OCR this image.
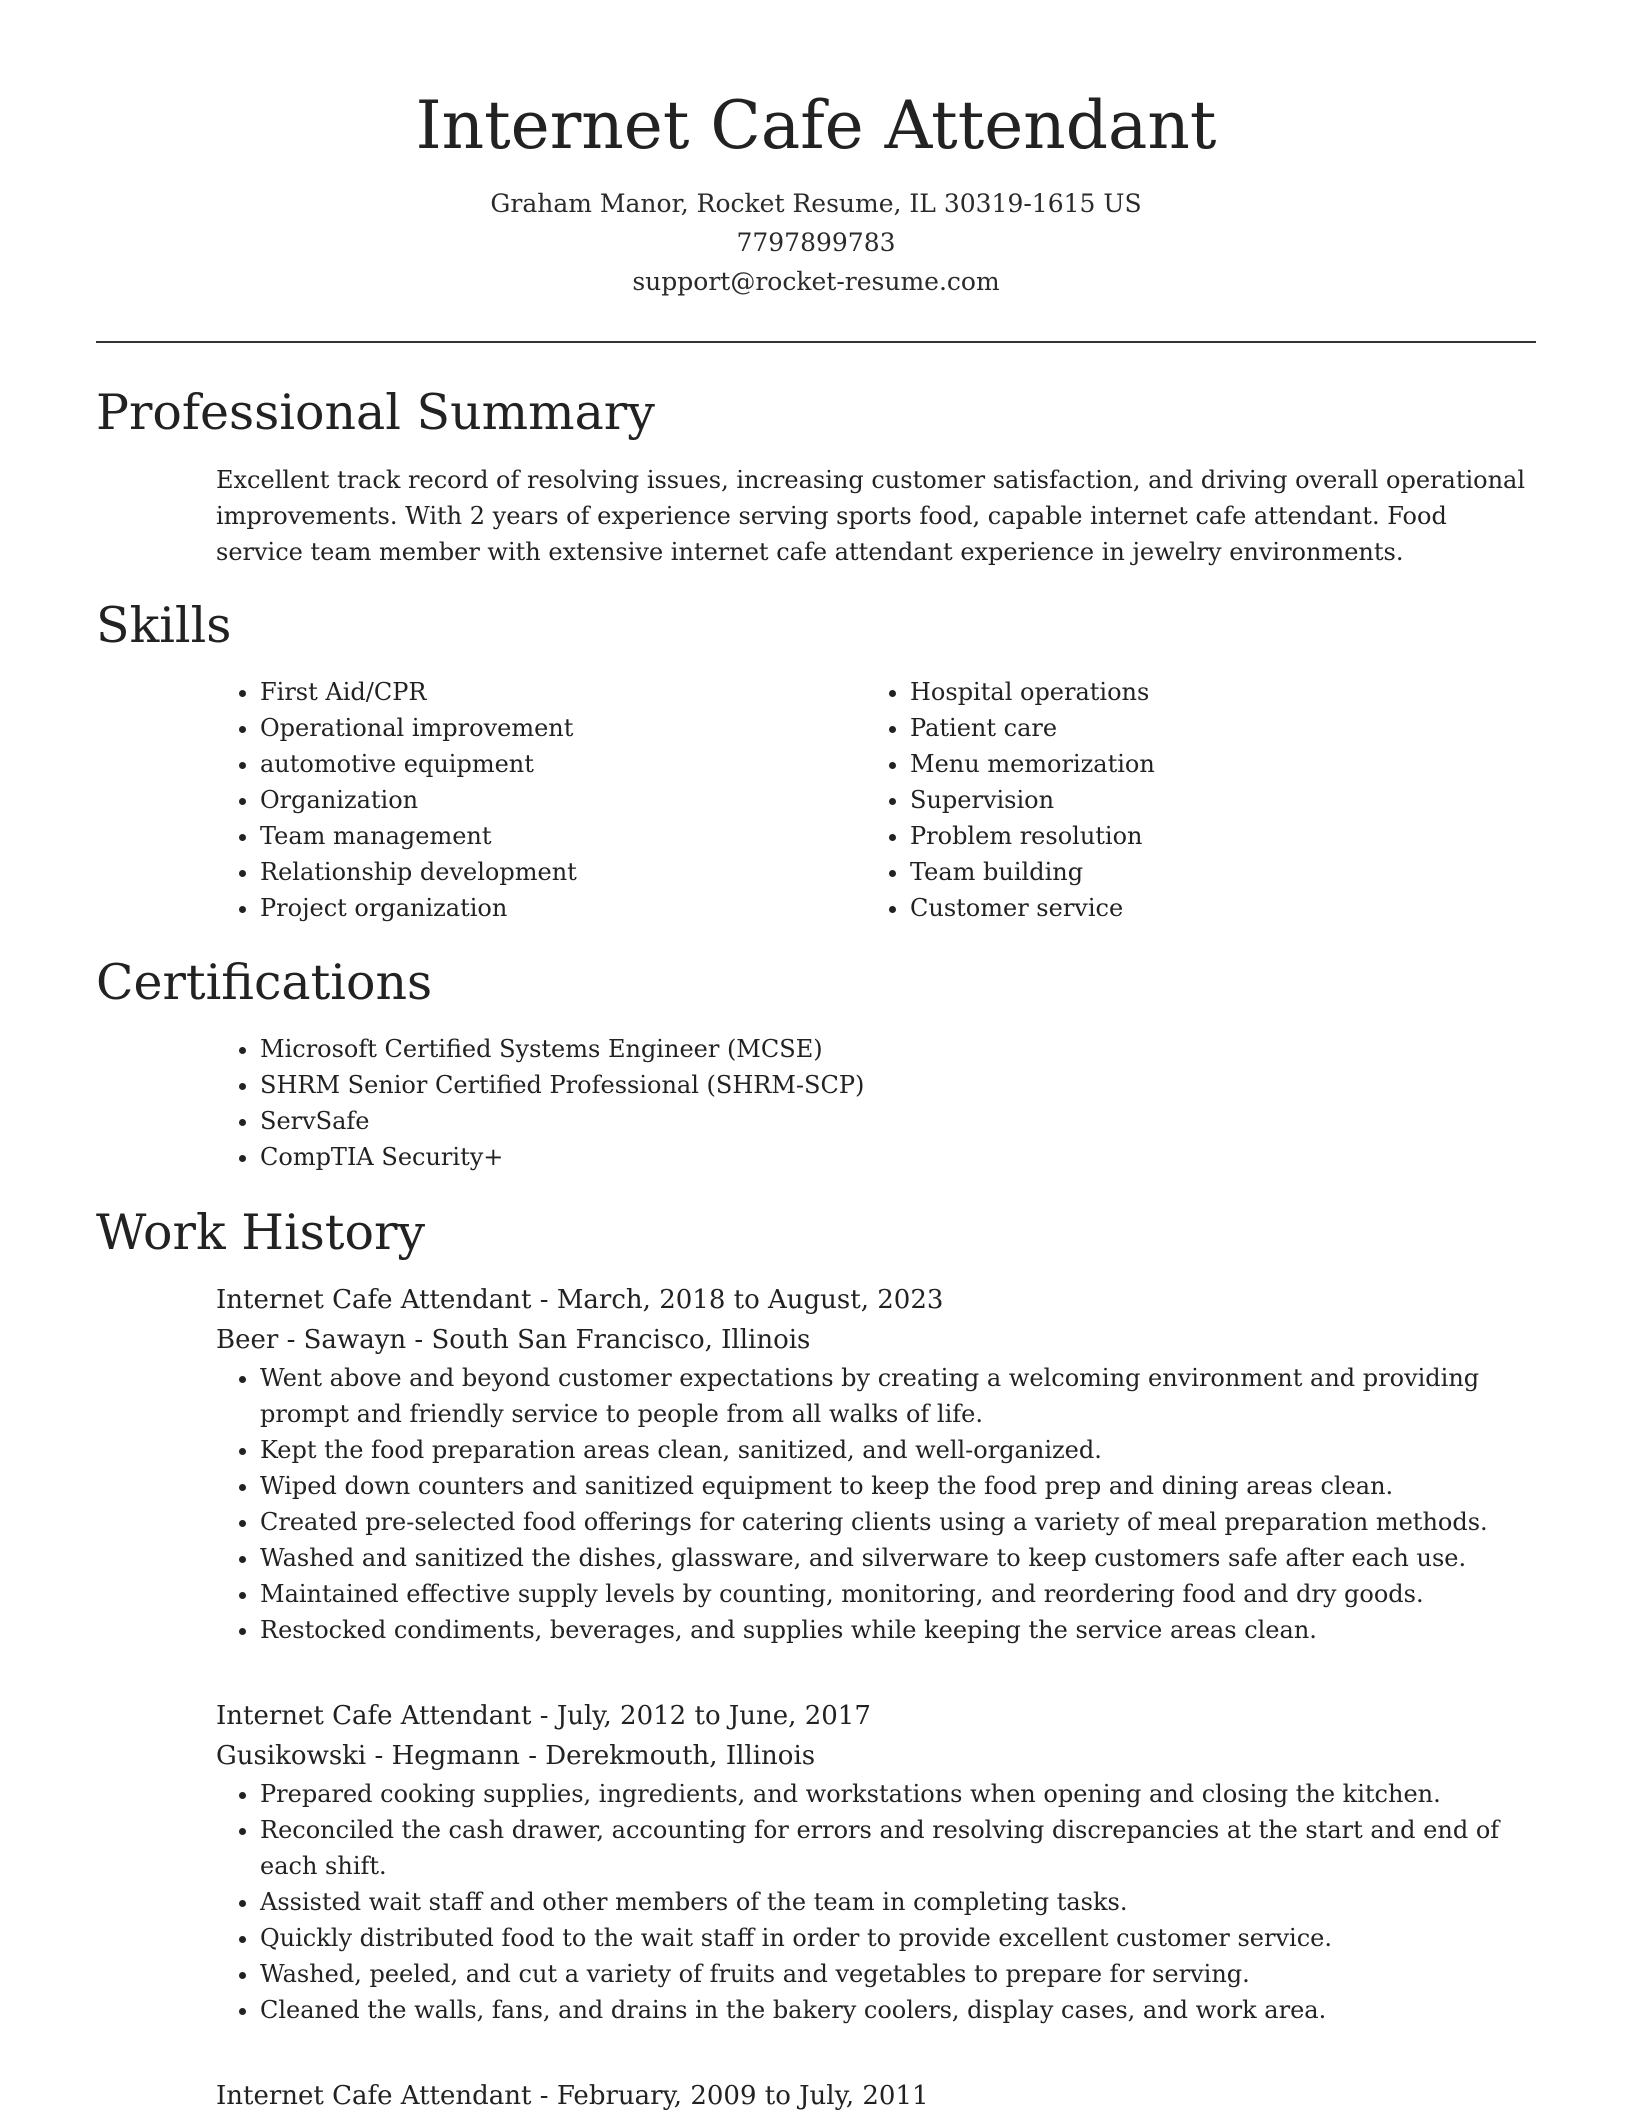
Internet Cafe Attendant
Graham Manor, Rocket Resume, IL 30319-1615 US
7797899783
support@rocket-resume.com
Professional Summary

Excellent track record of resolving issues, increasing customer satisfaction, and driving overall operational improvements. With 2 years of experience serving sports food, capable internet cafe attendant. Food service team member with extensive internet cafe attendant experience in jewelry environments.

Skills
• First Aid/CPR
• Operational improvement
• automotive equipment
• Organization
• Team management
• Relationship development
• Project organization
• Hospital operations
• Patient care
• Menu memorization
• Supervision
• Problem resolution
• Team building
• Customer service
Certifications
• Microsoft Certified Systems Engineer (MCSE)
• SHRM Senior Certified Professional (SHRM-SCP)
• ServSafe
• CompTIA Security+
Work History
Internet Cafe Attendant - March, 2018 to August, 2023
Beer - Sawayn - South San Francisco, Illinois
• Went above and beyond customer expectations by creating a welcoming environment and providing prompt and friendly service to people from all walks of life.
• Kept the food preparation areas clean, sanitized, and well-organized.
• Wiped down counters and sanitized equipment to keep the food prep and dining areas clean.
• Created pre-selected food offerings for catering clients using a variety of meal preparation methods.
• Washed and sanitized the dishes, glassware, and silverware to keep customers safe after each use.
• Maintained effective supply levels by counting, monitoring, and reordering food and dry goods.
• Restocked condiments, beverages, and supplies while keeping the service areas clean.
Internet Cafe Attendant - July, 2012 to June, 2017
Gusikowski - Hegmann - Derekmouth, Illinois
• Prepared cooking supplies, ingredients, and workstations when opening and closing the kitchen.
• Reconciled the cash drawer, accounting for errors and resolving discrepancies at the start and end of each shift.
• Assisted wait staff and other members of the team in completing tasks.
• Quickly distributed food to the wait staff in order to provide excellent customer service.
• Washed, peeled, and cut a variety of fruits and vegetables to prepare for serving.
• Cleaned the walls, fans, and drains in the bakery coolers, display cases, and work area.
Internet Cafe Attendant - February, 2009 to July, 2011
